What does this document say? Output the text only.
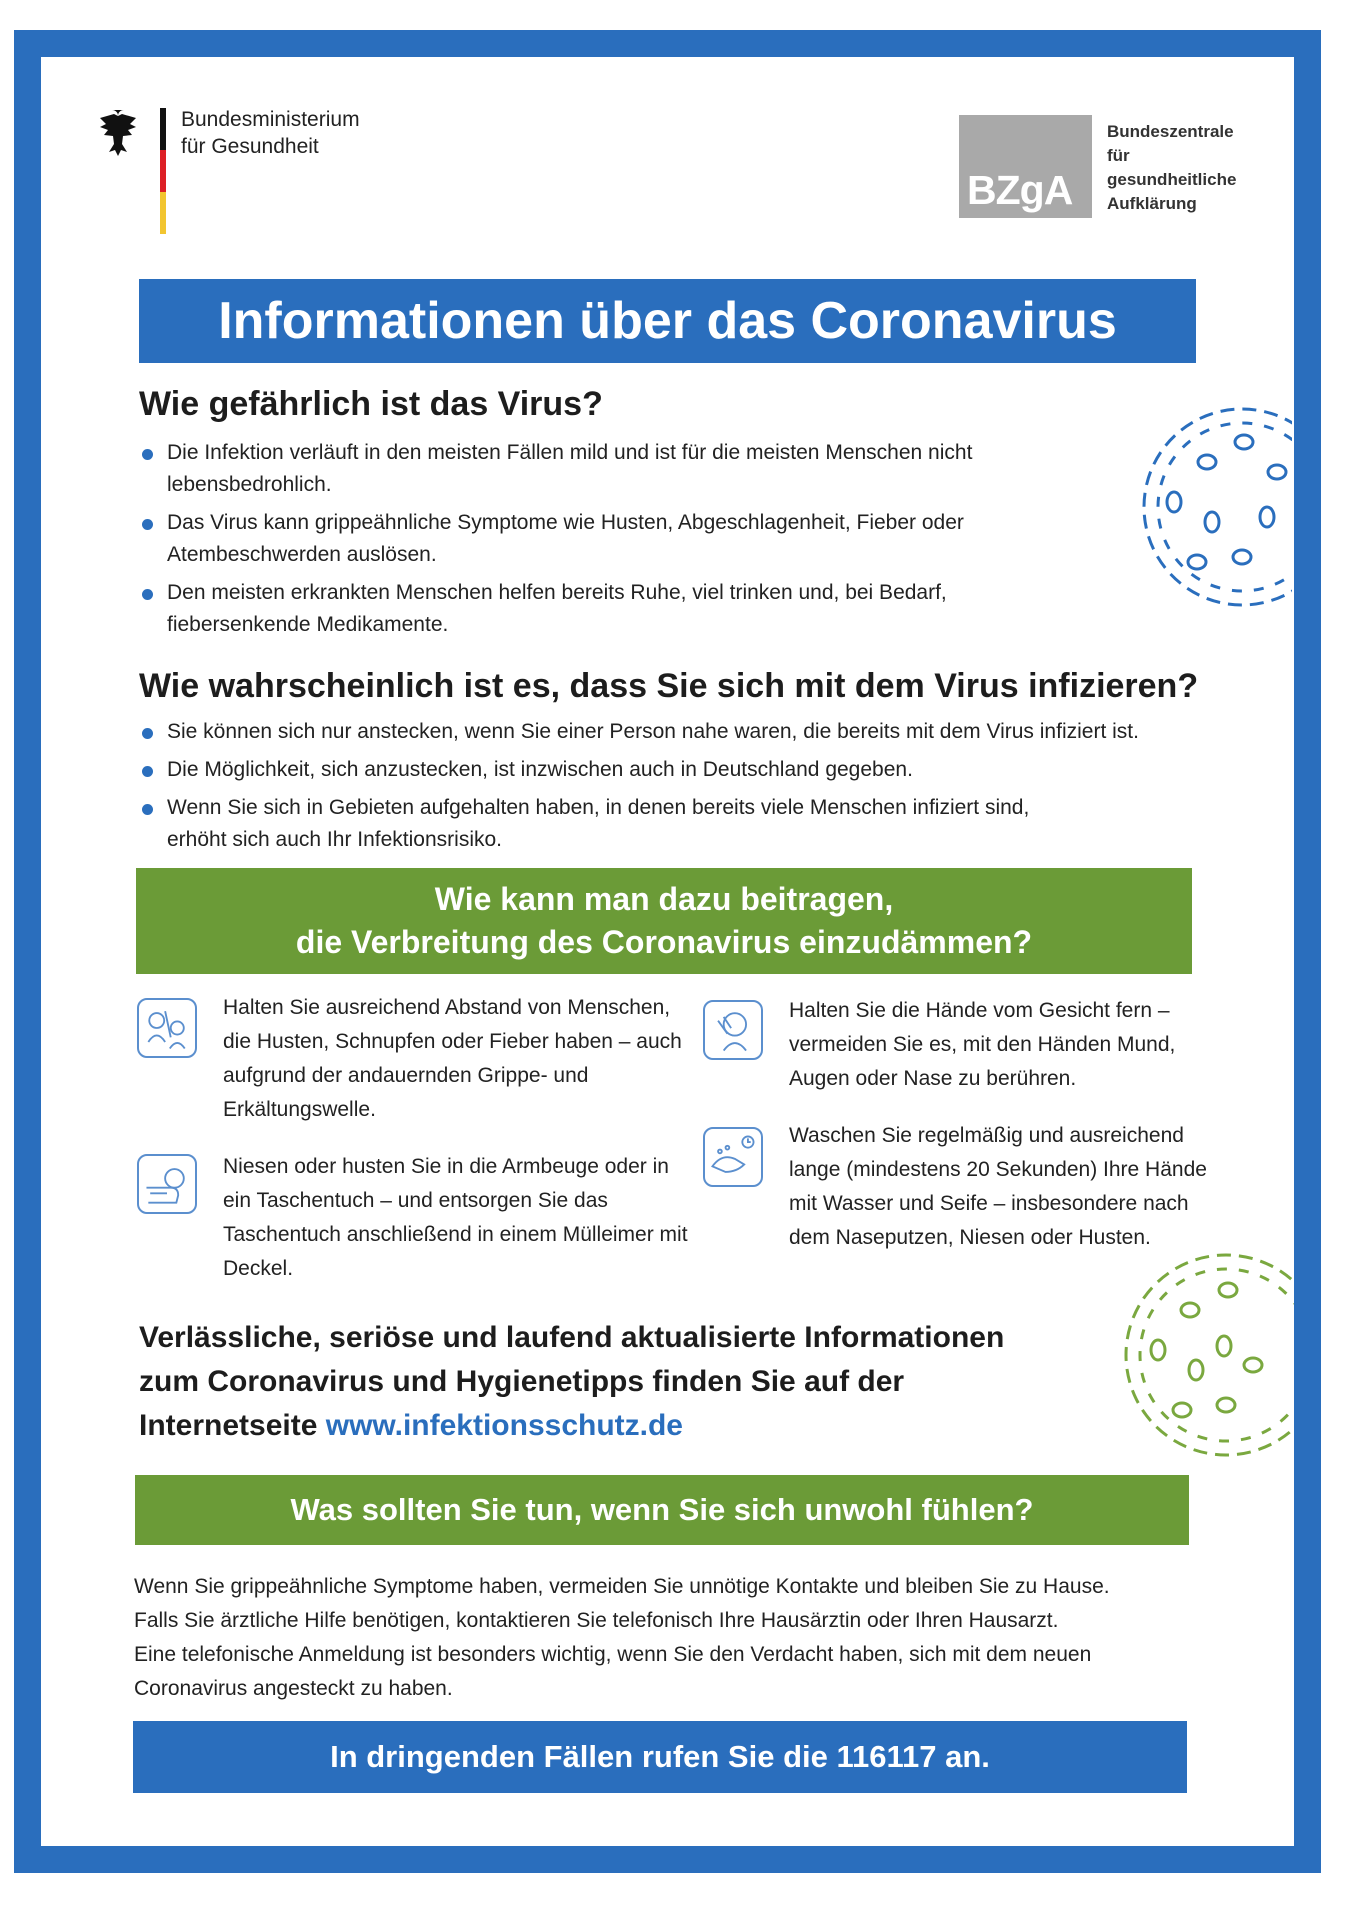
Bundesministerium
für Gesundheit
BZgA
Bundeszentrale
für
gesundheitliche
Aufklärung
Informationen über das Coronavirus
Wie gefährlich ist das Virus?
Die Infektion verläuft in den meisten Fällen mild und ist für die meisten Menschen nicht lebensbedrohlich.
Das Virus kann grippeähnliche Symptome wie Husten, Abgeschlagenheit, Fieber oder Atembeschwerden auslösen.
Den meisten erkrankten Menschen helfen bereits Ruhe, viel trinken und, bei Bedarf, fiebersenkende Medikamente.
Wie wahrscheinlich ist es, dass Sie sich mit dem Virus infizieren?
Sie können sich nur anstecken, wenn Sie einer Person nahe waren, die bereits mit dem Virus infiziert ist.
Die Möglichkeit, sich anzustecken, ist inzwischen auch in Deutschland gegeben.
Wenn Sie sich in Gebieten aufgehalten haben, in denen bereits viele Menschen infiziert sind, erhöht sich auch Ihr Infektionsrisiko.
Wie kann man dazu beitragen,
die Verbreitung des Coronavirus einzudämmen?
Halten Sie ausreichend Abstand von Menschen, die Husten, Schnupfen oder Fieber haben – auch aufgrund der andauernden Grippe- und Erkältungswelle.
Niesen oder husten Sie in die Armbeuge oder in ein Taschentuch – und entsorgen Sie das Taschentuch anschließend in einem Mülleimer mit Deckel.
Halten Sie die Hände vom Gesicht fern – vermeiden Sie es, mit den Händen Mund, Augen oder Nase zu berühren.
Waschen Sie regelmäßig und ausreichend lange (mindestens 20 Sekunden) Ihre Hände mit Wasser und Seife – insbesondere nach dem Naseputzen, Niesen oder Husten.
Verlässliche, seriöse und laufend aktualisierte Informationen
zum Coronavirus und Hygienetipps finden Sie auf der
Internetseite www.infektionsschutz.de
Was sollten Sie tun, wenn Sie sich unwohl fühlen?

Wenn Sie grippeähnliche Symptome haben, vermeiden Sie unnötige Kontakte und bleiben Sie zu Hause.

Falls Sie ärztliche Hilfe benötigen, kontaktieren Sie telefonisch Ihre Hausärztin oder Ihren Hausarzt.

Eine telefonische Anmeldung ist besonders wichtig, wenn Sie den Verdacht haben, sich mit dem neuen

Coronavirus angesteckt zu haben.

In dringenden Fällen rufen Sie die 116117 an.
